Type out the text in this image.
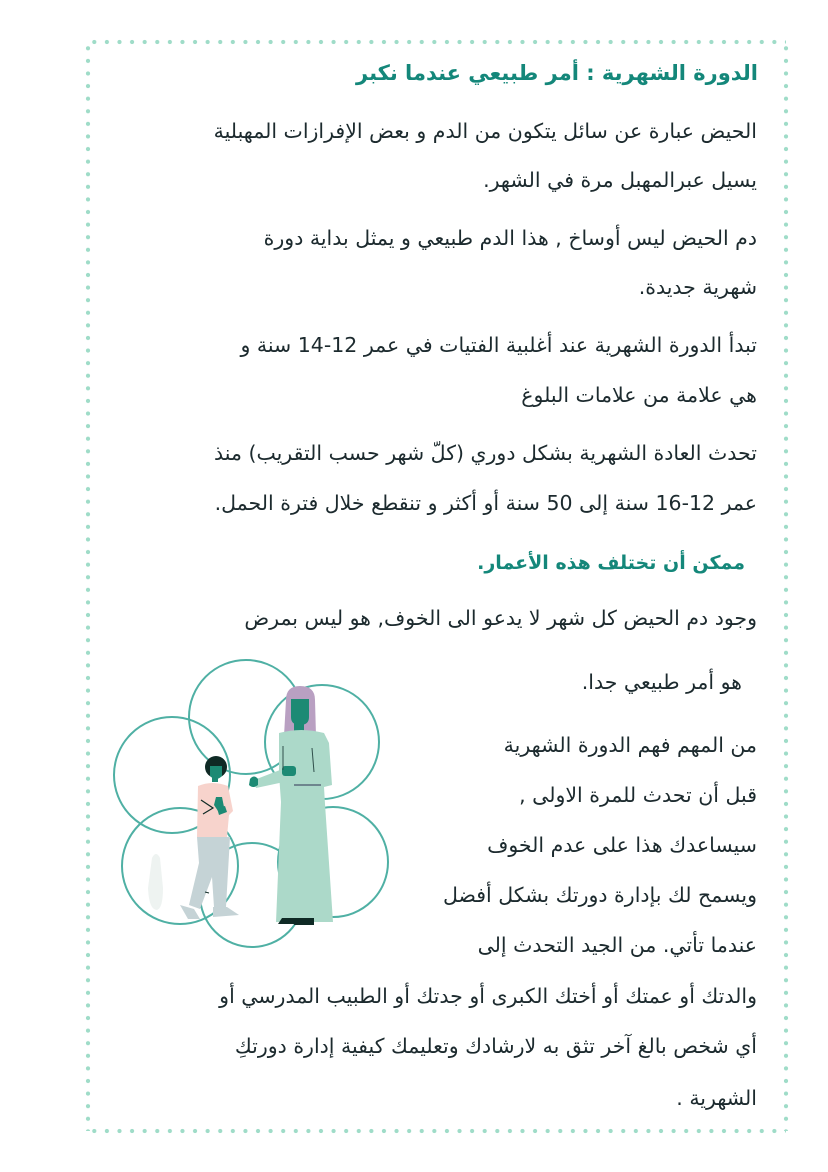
الدورة الشهرية : أمر طبيعي عندما نكبر
الحيض عبارة عن سائل يتكون من الدم و بعض الإفرازات المهبلية
يسيل عبرالمهبل مرة في الشهر.
دم الحيض ليس أوساخ , هذا الدم طبيعي و يمثل بداية دورة
شهرية جديدة.
تبدأ الدورة الشهرية عند أغلبية الفتيات في عمر 12-14 سنة و
هي علامة من علامات البلوغ
تحدث العادة الشهرية بشكل دوري (كلّ شهر حسب التقريب) منذ
عمر 12-16 سنة إلى 50 سنة أو أكثر و تنقطع خلال فترة الحمل.
ممكن أن تختلف هذه الأعمار.
وجود دم الحيض كل شهر لا يدعو الى الخوف, هو ليس بمرض
هو أمر طبيعي جدا.
من المهم فهم الدورة الشهرية
قبل أن تحدث للمرة الاولى ,
سيساعدك هذا على عدم الخوف
ويسمح لك بإدارة دورتك بشكل أفضل
عندما تأتي. من الجيد التحدث إلى
والدتك أو عمتك أو أختك الكبرى أو جدتك أو الطبيب المدرسي أو
أي شخص بالغ آخر تثق به لارشادك وتعليمك كيفية إدارة دورتكِ
الشهرية .
